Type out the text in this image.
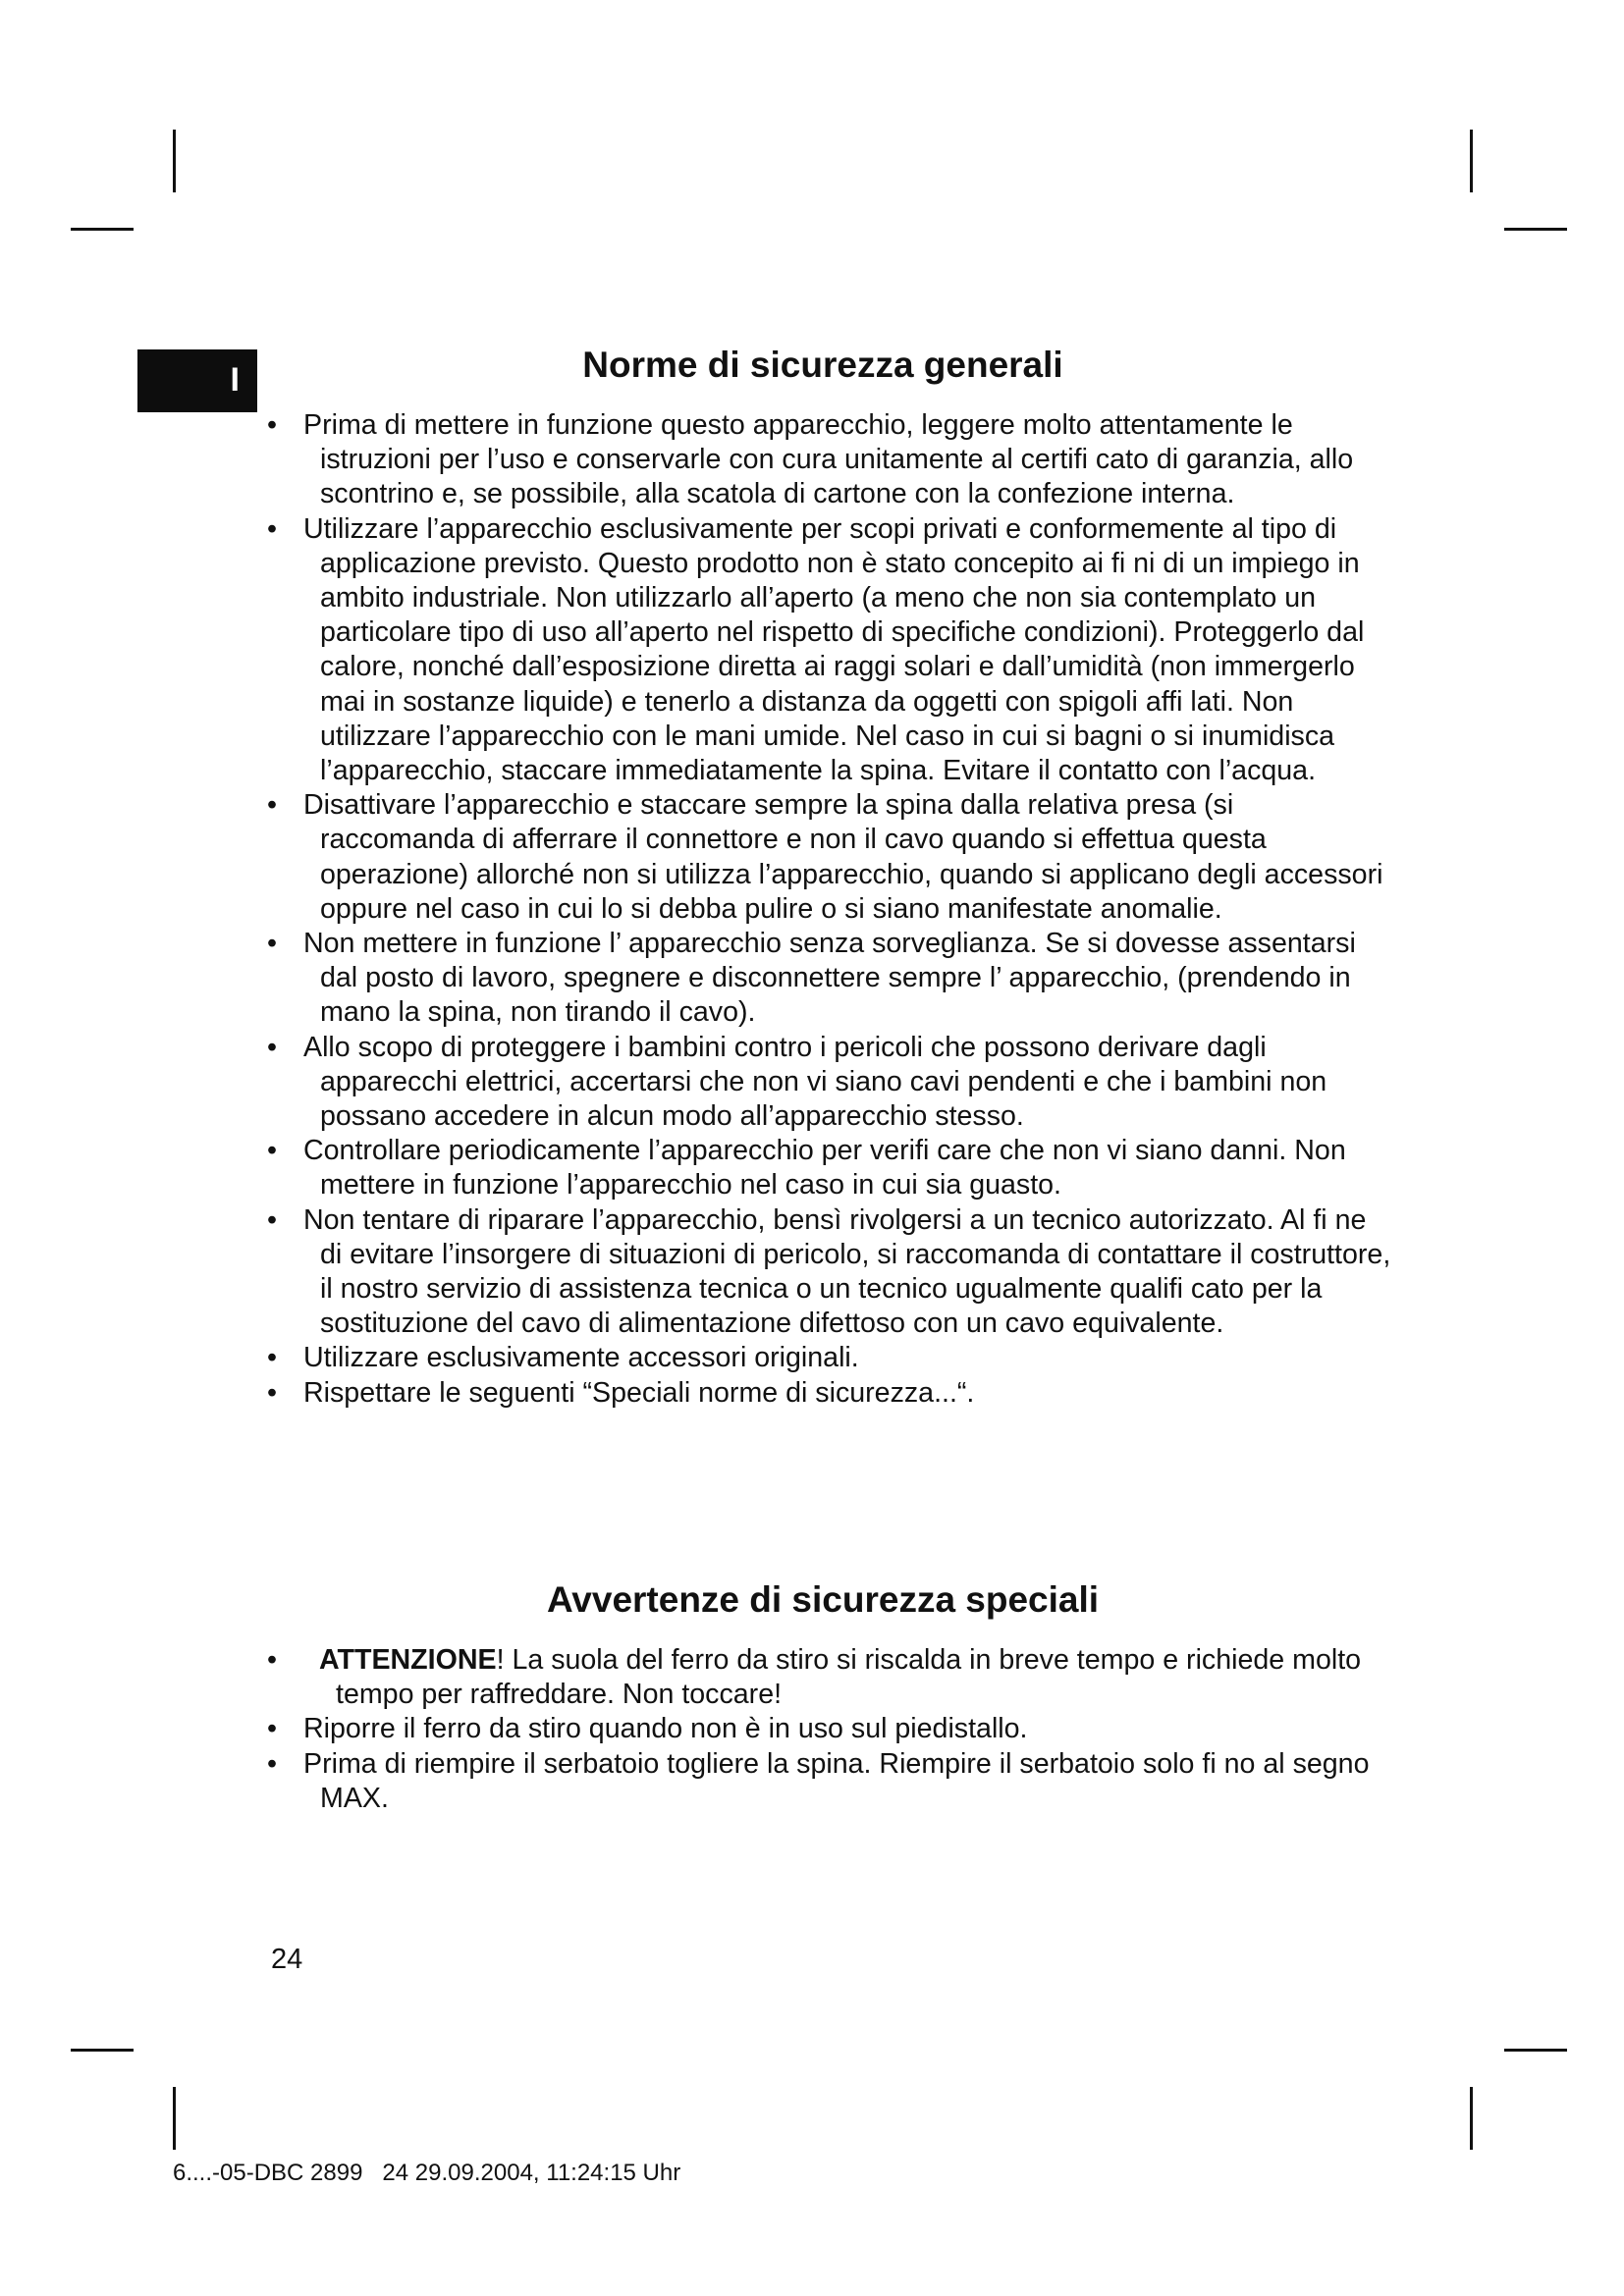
I	Norme di sicurezza generali
• Prima di mettere in funzione questo apparecchio, leggere molto attentamente le istruzioni per l’uso e conservarle con cura unitamente al certifi cato di garanzia, allo scontrino e, se possibile, alla scatola di cartone con la confezione interna.
• Utilizzare l’apparecchio esclusivamente per scopi privati e conformemente al tipo di applicazione previsto. Questo prodotto non è stato concepito ai fi ni di un impiego in ambito industriale. Non utilizzarlo all’aperto (a meno che non sia contemplato un particolare tipo di uso all’aperto nel rispetto di specifiche condizioni). Proteggerlo dal calore, nonché dall’esposizione diretta ai raggi solari e dall’umidità (non immergerlo mai in sostanze liquide) e tenerlo a distanza da oggetti con spigoli affi lati. Non utilizzare l’apparecchio con le mani umide. Nel caso in cui si bagni o si inumidisca l’apparecchio, staccare immediatamente la spina. Evitare il contatto con l’acqua.
• Disattivare l’apparecchio e staccare sempre la spina dalla relativa presa (si raccomanda di afferrare il connettore e non il cavo quando si effettua questa operazione) allorché non si utilizza l’apparecchio, quando si applicano degli accessori oppure nel caso in cui lo si debba pulire o si siano manifestate anomalie.
• Non mettere in funzione l’ apparecchio senza sorveglianza. Se si dovesse assentarsi dal posto di lavoro, spegnere e disconnettere sempre l’ apparecchio, (prendendo in mano la spina, non tirando il cavo).
• Allo scopo di proteggere i bambini contro i pericoli che possono derivare dagli apparecchi elettrici, accertarsi che non vi siano cavi pendenti e che i bambini non possano accedere in alcun modo all’apparecchio stesso.
• Controllare periodicamente l’apparecchio per verifi care che non vi siano danni. Non mettere in funzione l’apparecchio nel caso in cui sia guasto.
• Non tentare di riparare l’apparecchio, bensì rivolgersi a un tecnico autorizzato. Al fi ne di evitare l’insorgere di situazioni di pericolo, si raccomanda di contattare il costruttore, il nostro servizio di assistenza tecnica o un tecnico ugualmente qualifi cato per la sostituzione del cavo di alimentazione difettoso con un cavo equivalente.
• Utilizzare esclusivamente accessori originali.
• Rispettare le seguenti “Speciali norme di sicurezza...“.
Avvertenze di sicurezza speciali
• ATTENZIONE! La suola del ferro da stiro si riscalda in breve tempo e richiede molto tempo per raffreddare. Non toccare!
• Riporre il ferro da stiro quando non è in uso sul piedistallo.
• Prima di riempire il serbatoio togliere la spina. Riempire il serbatoio solo fi no al segno MAX.
24
6....-05-DBC 2899   24 29.09.2004, 11:24:15 Uhr
